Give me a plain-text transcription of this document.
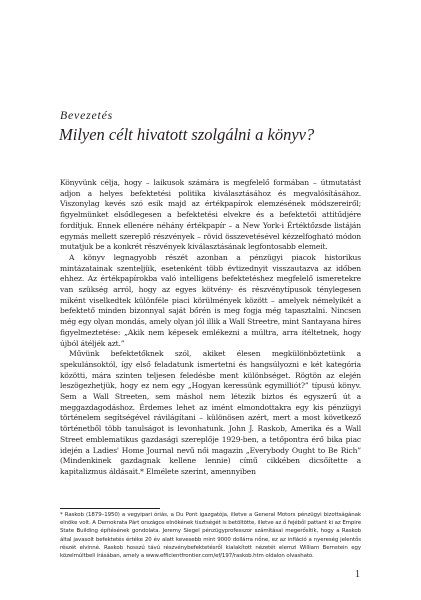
Bevezetés
Milyen célt hivatott szolgálni a könyv?

Könyvünk célja, hogy – laikusok számára is megfelelő formában – útmutatást adjon a helyes befektetési politika kiválasztásához és megvalósításához. Viszonylag kevés szó esik majd az értékpapírok elemzésének módszereiről; figyelmünket elsődlegesen a befektetési elvekre és a befektetői attitűdjére fordítjuk. Ennek ellenére néhány értékpapír – a New York-i Értéktőzsde listáján egymás mellett szereplő részvények – rövid összevetésével kézzelfogható módon mutatjuk be a konkrét részvények kiválasztásának legfontosabb elemeit.

A könyv legnagyobb részét azonban a pénzügyi piacok historikus mintázatainak szenteljük, esetenként több évtizednyit visszautazva az időben ehhez. Az értékpapírokba való intelligens befektetéshez megfelelő ismeretekre van szükség arról, hogy az egyes kötvény- és részvénytípusok ténylegesen miként viselkedtek különféle piaci körülmények között – amelyek némelyikét a befektető minden bizonnyal saját bőrén is meg fogja még tapasztalni. Nincsen még egy olyan mondás, amely olyan jól illik a Wall Streetre, mint Santayana híres figyelmeztetése: „Akik nem képesek emlékezni a múltra, arra ítéltetnek, hogy újból átéljék azt.”

Művünk befektetőknek szól, akiket élesen megkülönböztetünk a spekulánsoktól, így első feladatunk ismertetni és hangsúlyozni e két kategória közötti, mára szinten teljesen feledésbe ment különbséget. Rögtön az elején leszögezhetjük, hogy ez nem egy „Hogyan keressünk egymilliót?” típusú könyv. Sem a Wall Streeten, sem máshol nem létezik biztos és egyszerű út a meggazdagodáshoz. Érdemes lehet az imént elmondottakra egy kis pénzügyi történelem segítségével rávilágítani – különösen azért, mert a most következő történetből több tanulságot is levonhatunk. John J. Raskob, Amerika és a Wall Street emblematikus gazdasági szereplője 1929-ben, a tetőpontra érő bika piac idején a Ladies' Home Journal nevű női magazin „Everybody Ought to Be Rich” (Mindenkinek gazdagnak kellene lennie) című cikkében dicsőítette a kapitalizmus áldásait.* Elmélete szerint, amennyiben

* Raskob (1879–1950) a vegyipari óriás, a Du Pont igazgatója, illetve a General Motors pénzügyi bizottságának elnöke volt. A Demokrata Párt országos elnökének tisztségét is betöltötte, illetve az ő fejéből pattant ki az Empire State Building építésének gondolata. Jeremy Siegel pénzügyprofesszor számításai megerősítik, hogy a Raskob által javasolt befektetés értéke 20 év alatt kevesebb mint 9000 dollárra nőne, ez az infláció a nyereség jelentős részét elvinné. Raskob hosszú távú részvénybefektetésről kialakított nézetét elemzi William Bernstein egy közelmúltbeli írásában, amely a www.efficientfrontier.com/ef/197/raskob.htm oldalon olvasható.
1
